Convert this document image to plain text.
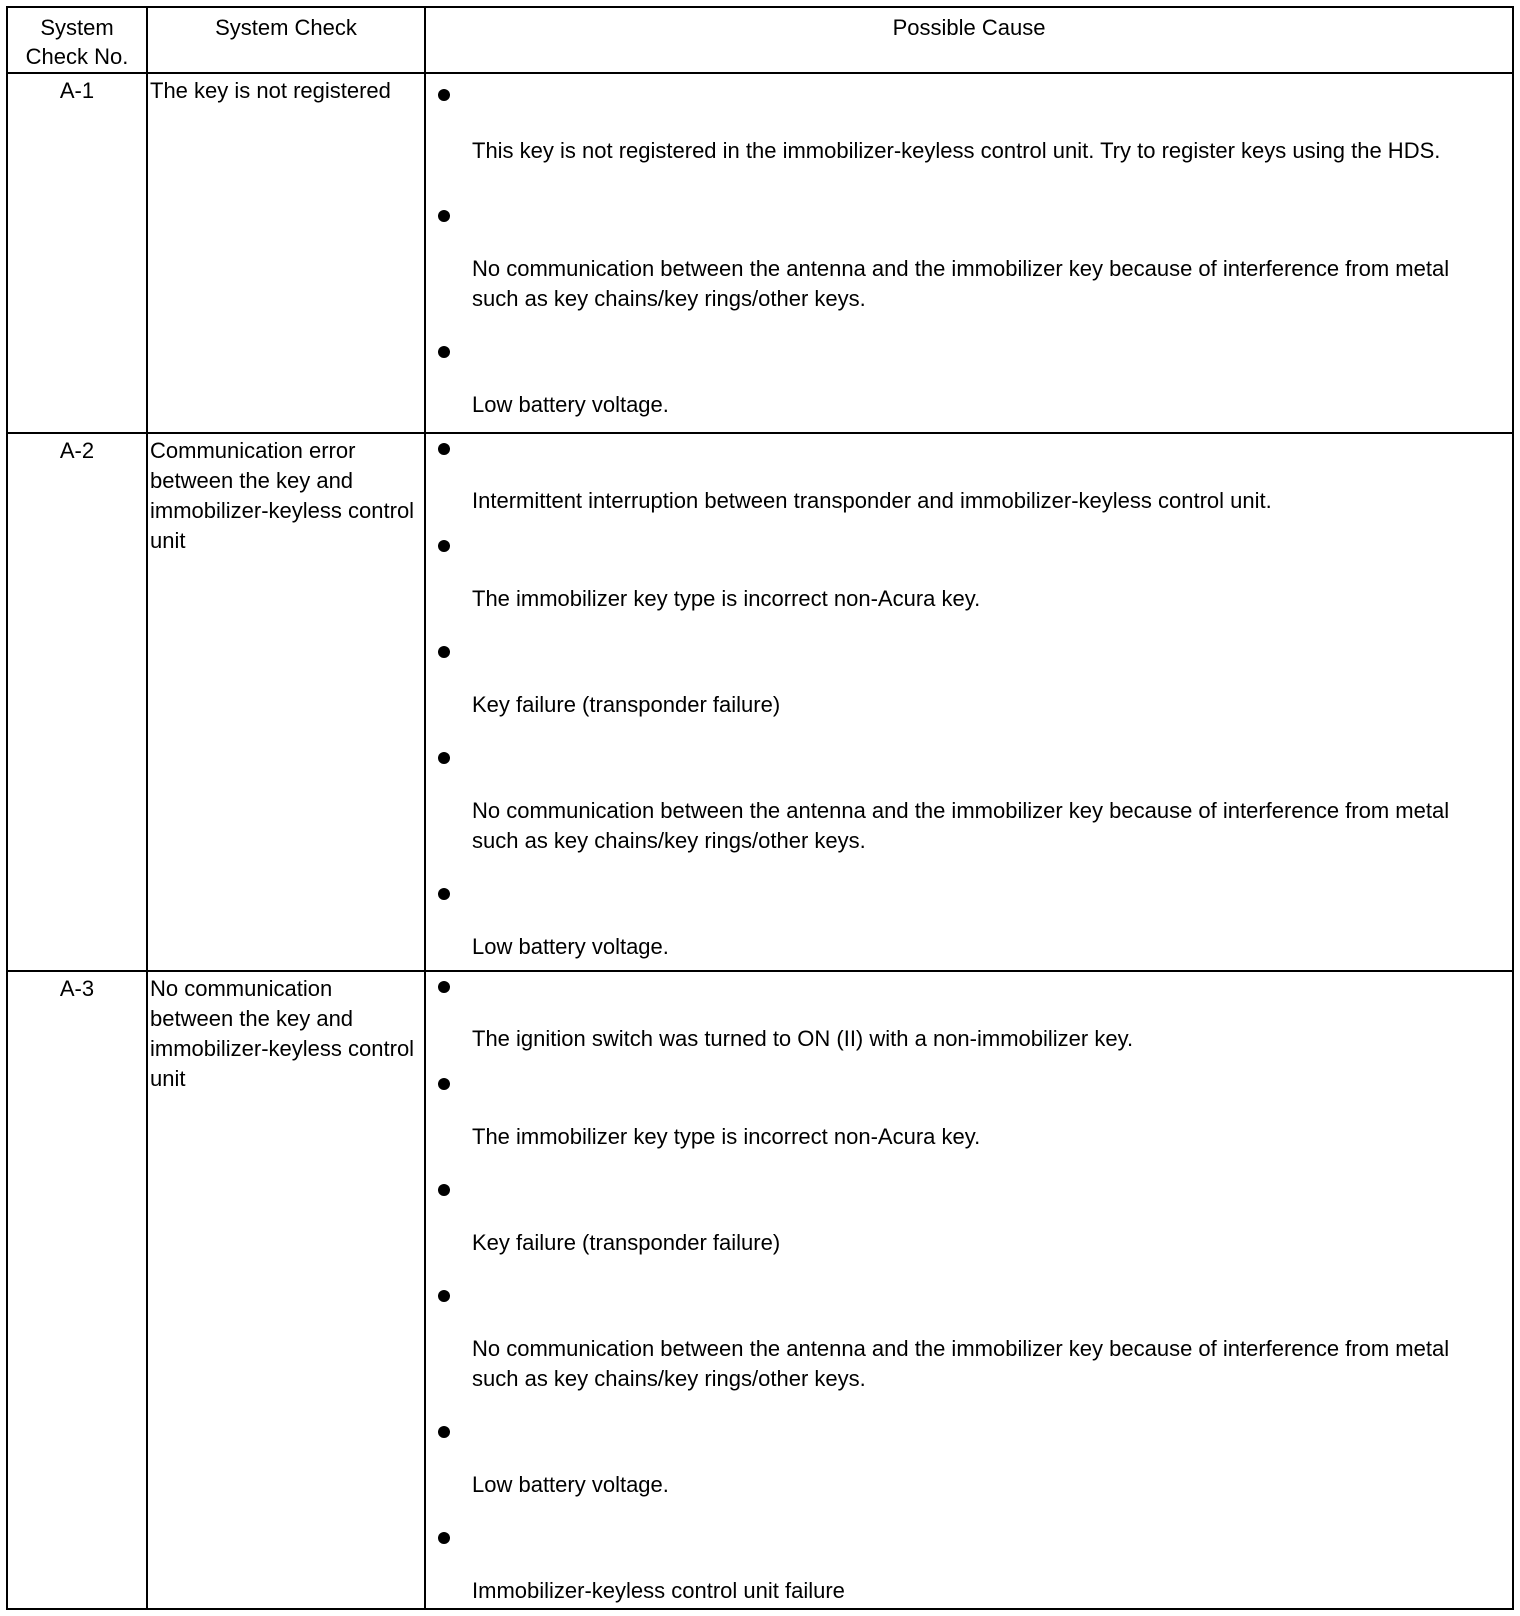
System
Check No.
System Check	Possible Cause
A-1	The key is not registered
This key is not registered in the immobilizer-keyless control unit. Try to register keys using the HDS.
No communication between the antenna and the immobilizer key because of interference from metal such as key chains/key rings/other keys.
Low battery voltage.
A-2	Communication error between the key and immobilizer-keyless control unit
Intermittent interruption between transponder and immobilizer-keyless control unit.
The immobilizer key type is incorrect non-Acura key.
Key failure (transponder failure)
No communication between the antenna and the immobilizer key because of interference from metal such as key chains/key rings/other keys.
Low battery voltage.
A-3	No communication between the key and immobilizer-keyless control unit
The ignition switch was turned to ON (II) with a non-immobilizer key.
The immobilizer key type is incorrect non-Acura key.
Key failure (transponder failure)
No communication between the antenna and the immobilizer key because of interference from metal such as key chains/key rings/other keys.
Low battery voltage.
Immobilizer-keyless control unit failure
